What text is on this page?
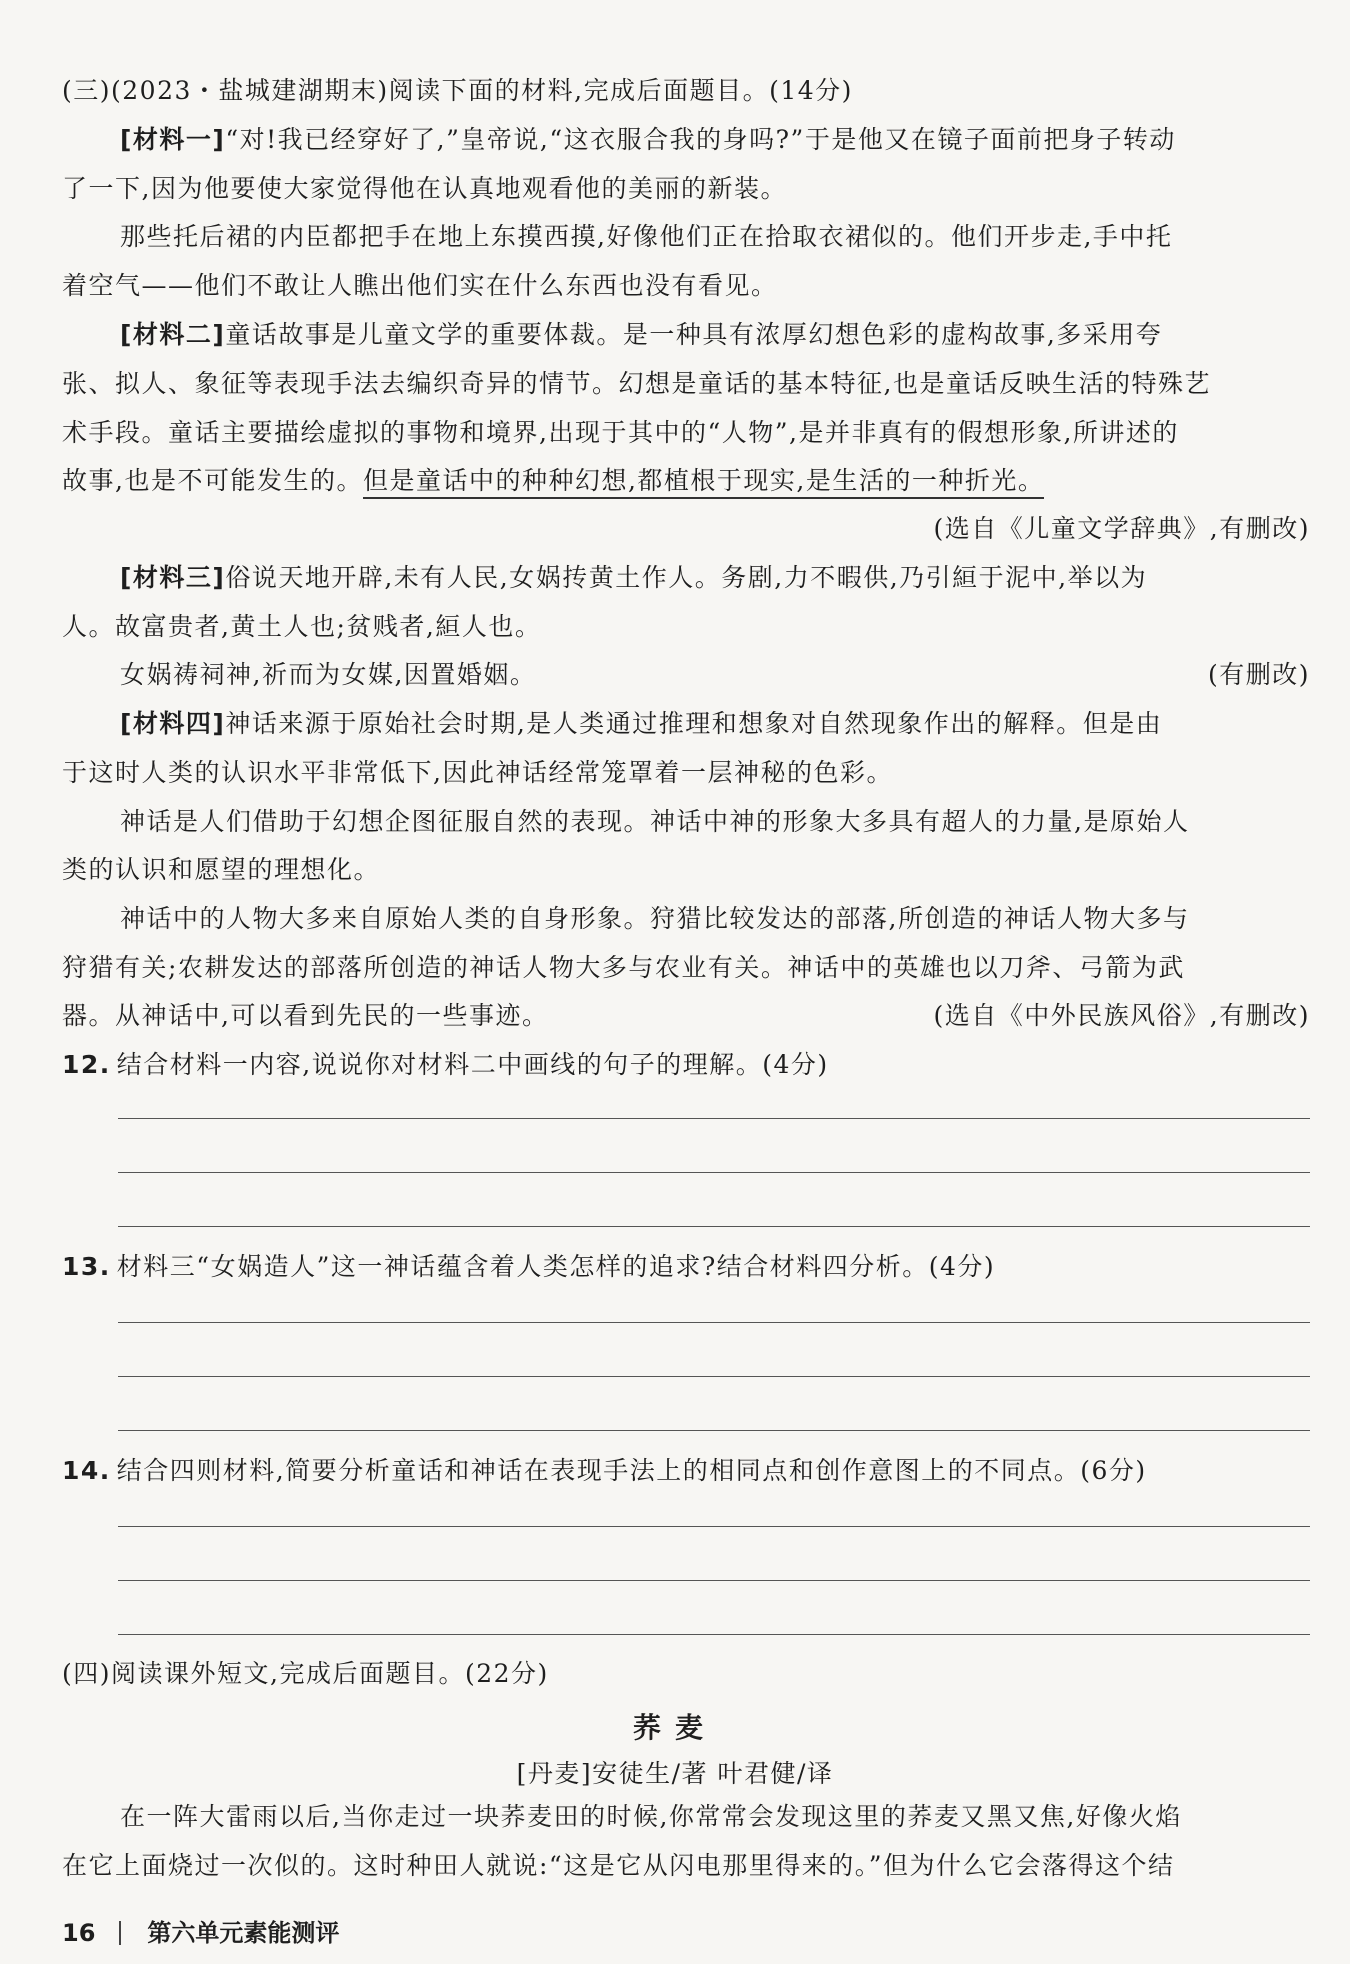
(三)(2023・盐城建湖期末)阅读下面的材料,完成后面题目。(14分)
[材料一]“对!我已经穿好了,”皇帝说,“这衣服合我的身吗?”于是他又在镜子面前把身子转动
了一下,因为他要使大家觉得他在认真地观看他的美丽的新装。
那些托后裙的内臣都把手在地上东摸西摸,好像他们正在拾取衣裙似的。他们开步走,手中托
着空气——他们不敢让人瞧出他们实在什么东西也没有看见。
[材料二]童话故事是儿童文学的重要体裁。是一种具有浓厚幻想色彩的虚构故事,多采用夸
张、拟人、象征等表现手法去编织奇异的情节。幻想是童话的基本特征,也是童话反映生活的特殊艺
术手段。童话主要描绘虚拟的事物和境界,出现于其中的“人物”,是并非真有的假想形象,所讲述的
故事,也是不可能发生的。但是童话中的种种幻想,都植根于现实,是生活的一种折光。
(选自《儿童文学辞典》,有删改)
[材料三]俗说天地开辟,未有人民,女娲抟黄土作人。务剧,力不暇供,乃引絙于泥中,举以为
人。故富贵者,黄土人也;贫贱者,絙人也。
女娲祷祠神,祈而为女媒,因置婚姻。	(有删改)
[材料四]神话来源于原始社会时期,是人类通过推理和想象对自然现象作出的解释。但是由
于这时人类的认识水平非常低下,因此神话经常笼罩着一层神秘的色彩。
神话是人们借助于幻想企图征服自然的表现。神话中神的形象大多具有超人的力量,是原始人
类的认识和愿望的理想化。
神话中的人物大多来自原始人类的自身形象。狩猎比较发达的部落,所创造的神话人物大多与
狩猎有关;农耕发达的部落所创造的神话人物大多与农业有关。神话中的英雄也以刀斧、弓箭为武
器。从神话中,可以看到先民的一些事迹。	(选自《中外民族风俗》,有删改)
12. 结合材料一内容,说说你对材料二中画线的句子的理解。(4分)
13. 材料三“女娲造人”这一神话蕴含着人类怎样的追求?结合材料四分析。(4分)
14. 结合四则材料,简要分析童话和神话在表现手法上的相同点和创作意图上的不同点。(6分)
(四)阅读课外短文,完成后面题目。(22分)
荞麦
[丹麦]安徒生/著 叶君健/译
在一阵大雷雨以后,当你走过一块荞麦田的时候,你常常会发现这里的荞麦又黑又焦,好像火焰
在它上面烧过一次似的。这时种田人就说:“这是它从闪电那里得来的。”但为什么它会落得这个结
16 第六单元素能测评
